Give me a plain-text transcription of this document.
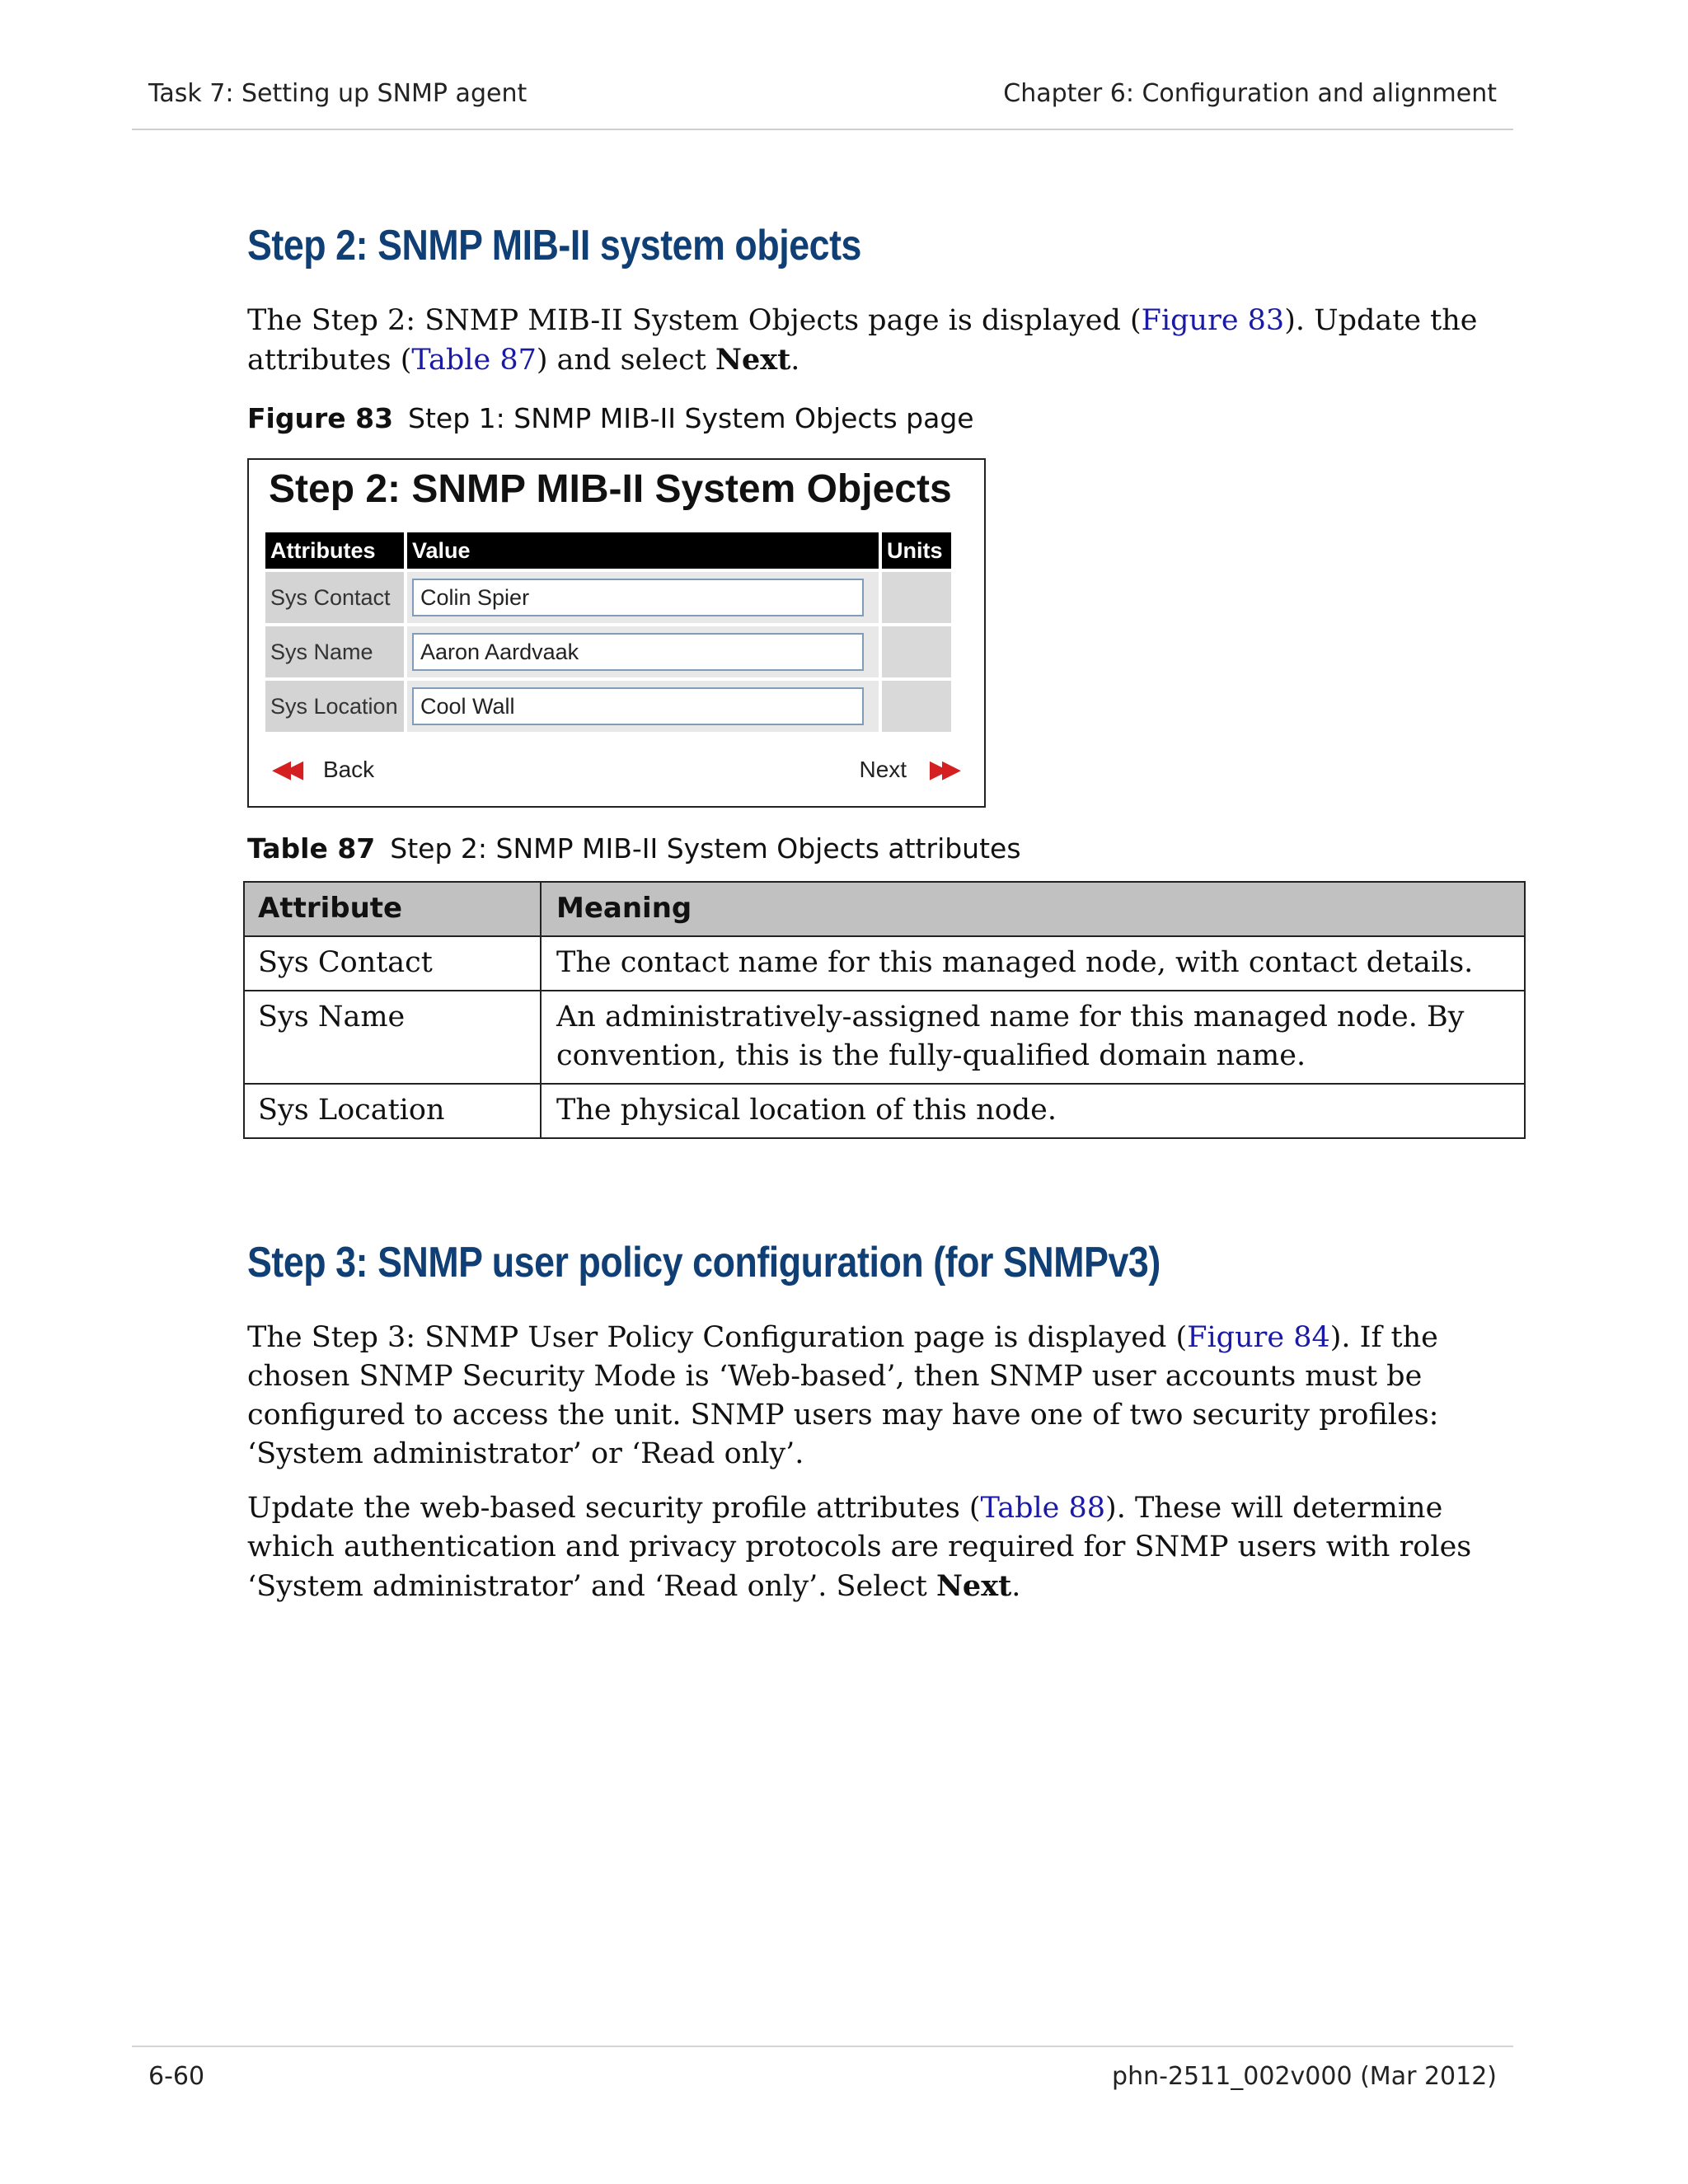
Task 7: Setting up SNMP agent	Chapter 6: Configuration and alignment
Step 2: SNMP MIB-II system objects

The Step 2: SNMP MIB-II System Objects page is displayed (Figure 83). Update the attributes (Table 87) and select Next.

Figure 83 Step 1: SNMP MIB-II System Objects page
Step 2: SNMP MIB-II System Objects
Attributes	Value	Units
Sys Contact	Colin Spier	
Sys Name	Aaron Aardvaak	
Sys Location	Cool Wall	
◀◀ Back	Next ▶▶
Table 87 Step 2: SNMP MIB-II System Objects attributes
Attribute	Meaning
Sys Contact	The contact name for this managed node, with contact details.
Sys Name	An administratively-assigned name for this managed node. By convention, this is the fully-qualified domain name.
Sys Location	The physical location of this node.
Step 3: SNMP user policy configuration (for SNMPv3)

The Step 3: SNMP User Policy Configuration page is displayed (Figure 84). If the chosen SNMP Security Mode is ‘Web-based’, then SNMP user accounts must be configured to access the unit. SNMP users may have one of two security profiles: ‘System administrator’ or ‘Read only’.

Update the web-based security profile attributes (Table 88). These will determine which authentication and privacy protocols are required for SNMP users with roles ‘System administrator’ and ‘Read only’. Select Next.

6-60	phn-2511_002v000 (Mar 2012)
